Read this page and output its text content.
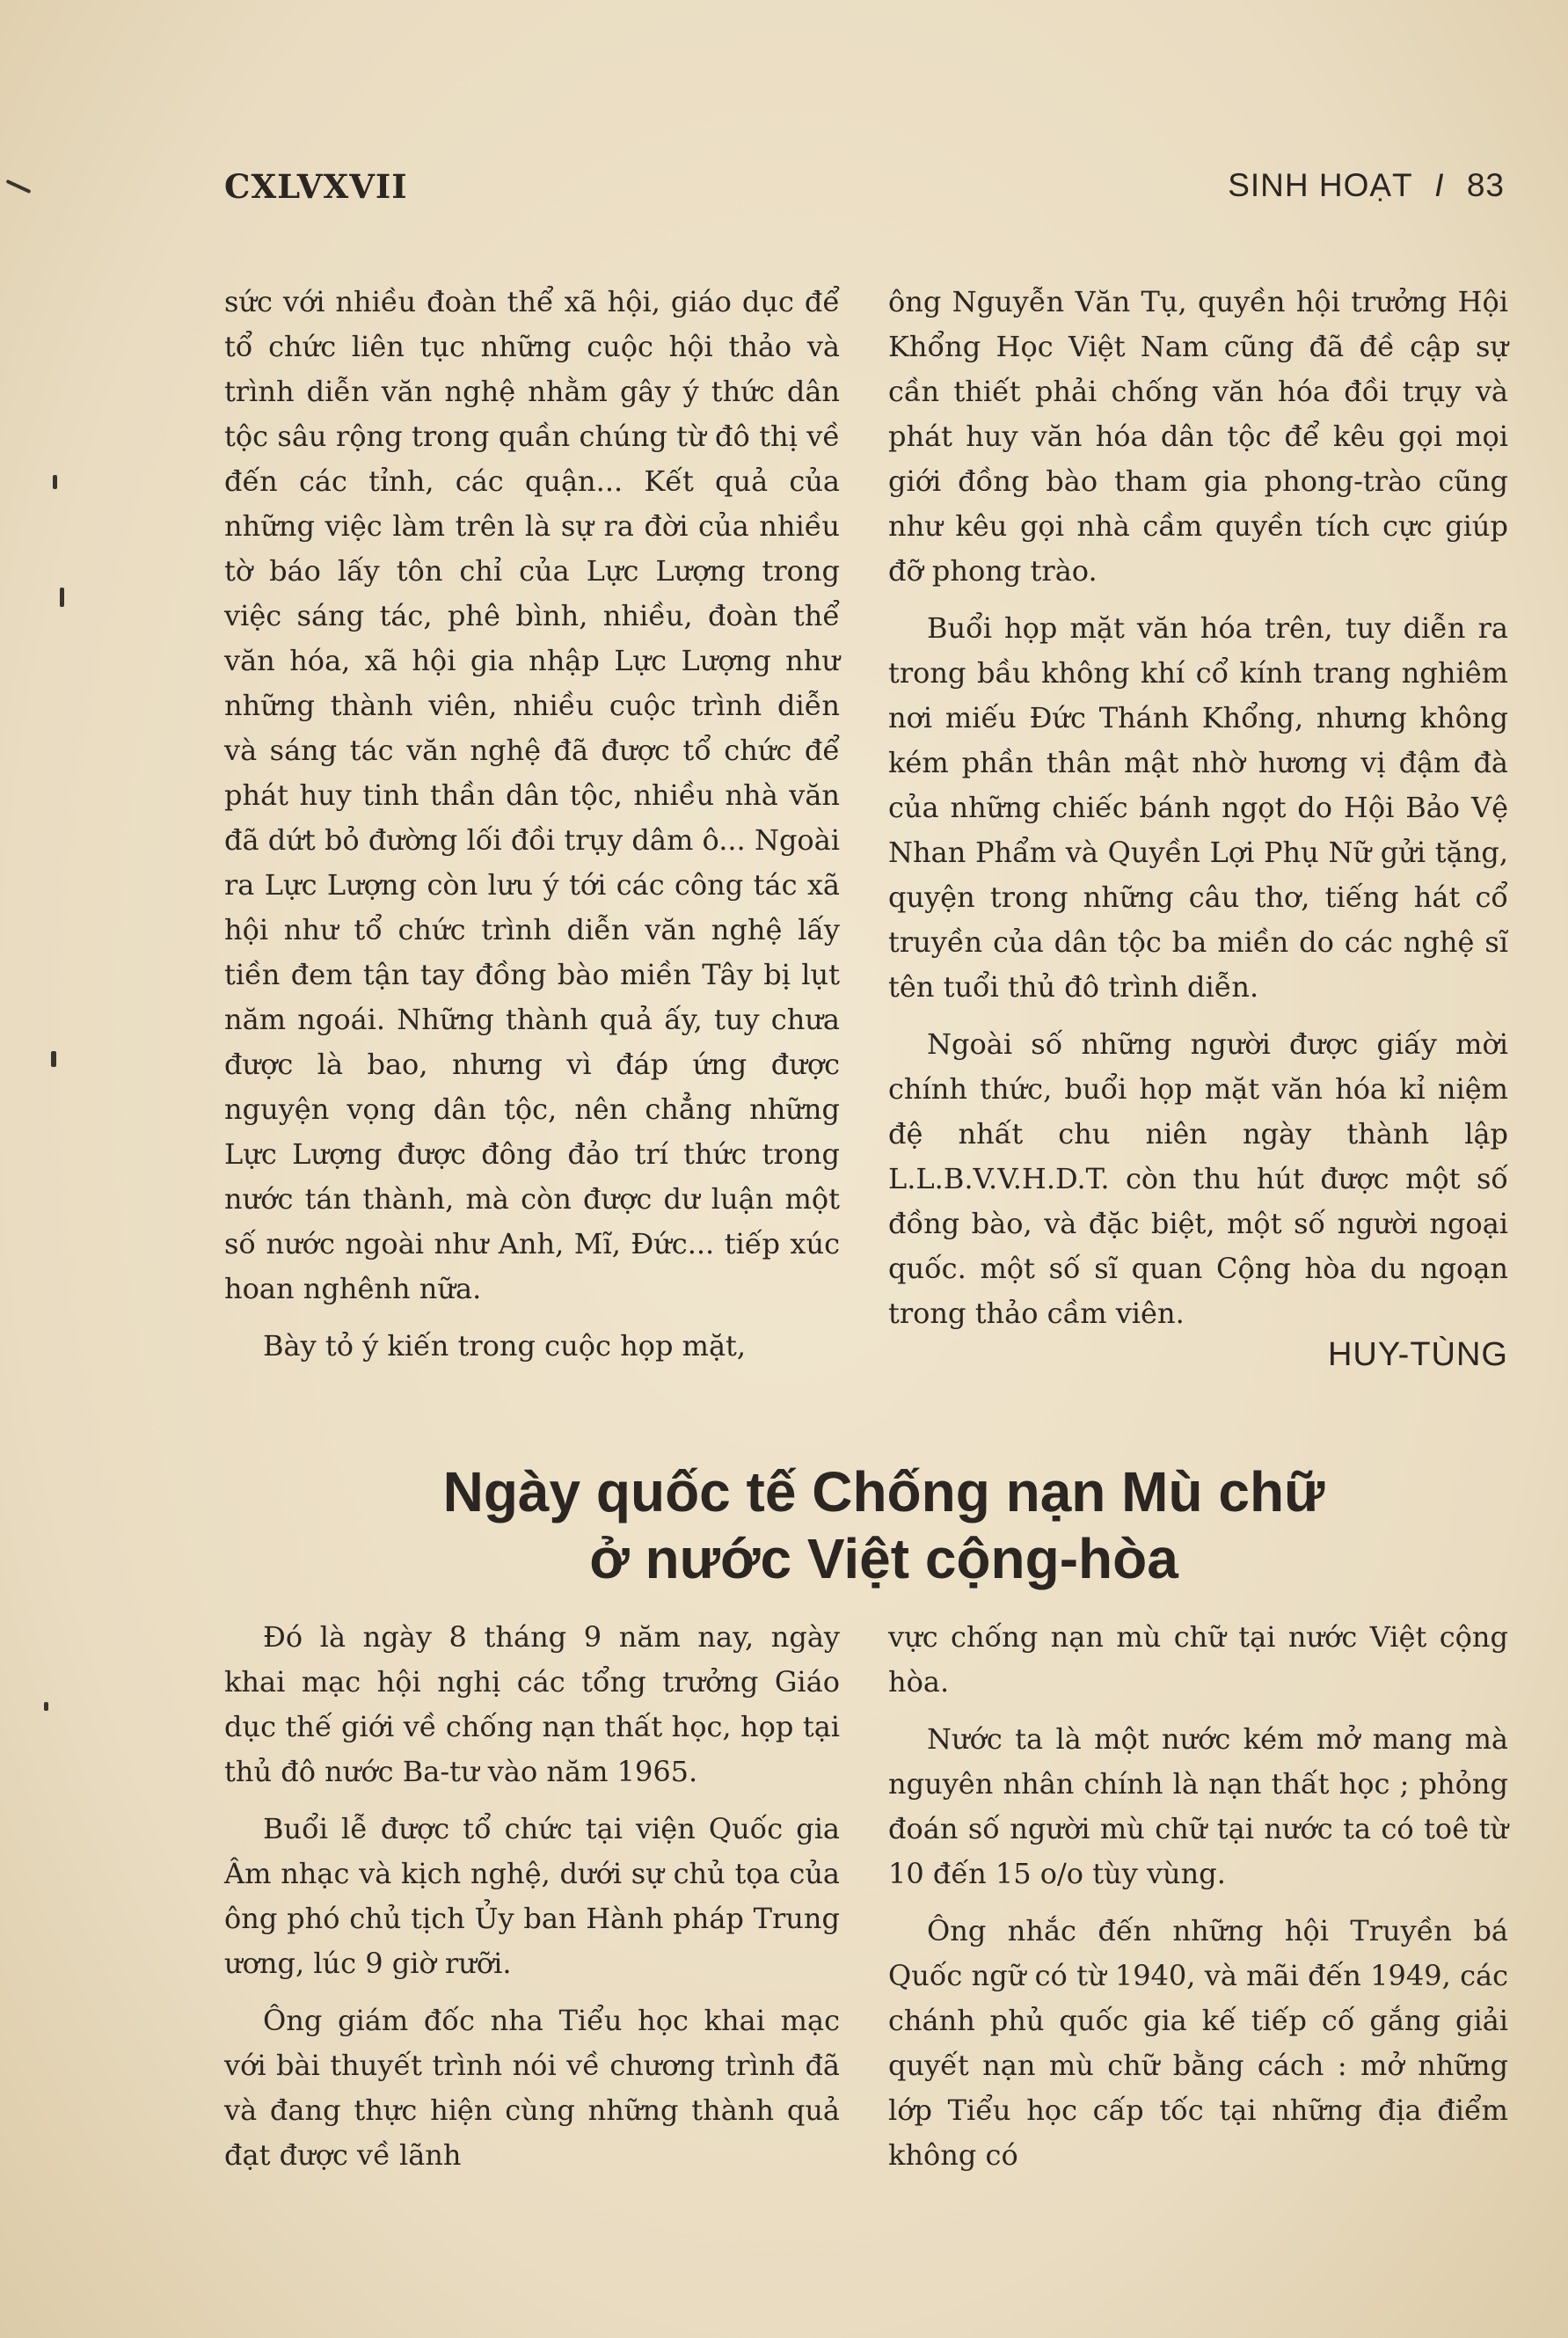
CXLVXVII	SINH HOẠT I 83

sức với nhiều đoàn thể xã hội, giáo dục để tổ chức liên tục những cuộc hội thảo và trình diễn văn nghệ nhằm gây ý thức dân tộc sâu rộng trong quần chúng từ đô thị về đến các tỉnh, các quận... Kết quả của những việc làm trên là sự ra đời của nhiều tờ báo lấy tôn chỉ của Lực Lượng trong việc sáng tác, phê bình, nhiều, đoàn thể văn hóa, xã hội gia nhập Lực Lượng như những thành viên, nhiều cuộc trình diễn và sáng tác văn nghệ đã được tổ chức để phát huy tinh thần dân tộc, nhiều nhà văn đã dứt bỏ đường lối đồi trụy dâm ô... Ngoài ra Lực Lượng còn lưu ý tới các công tác xã hội như tổ chức trình diễn văn nghệ lấy tiền đem tận tay đồng bào miền Tây bị lụt năm ngoái. Những thành quả ấy, tuy chưa được là bao, nhưng vì đáp ứng được nguyện vọng dân tộc, nên chẳng những Lực Lượng được đông đảo trí thức trong nước tán thành, mà còn được dư luận một số nước ngoài như Anh, Mĩ, Đức... tiếp xúc hoan nghênh nữa.

Bày tỏ ý kiến trong cuộc họp mặt,

ông Nguyễn Văn Tụ, quyền hội trưởng Hội Khổng Học Việt Nam cũng đã đề cập sự cần thiết phải chống văn hóa đồi trụy và phát huy văn hóa dân tộc để kêu gọi mọi giới đồng bào tham gia phong-trào cũng như kêu gọi nhà cầm quyền tích cực giúp đỡ phong trào.

Buổi họp mặt văn hóa trên, tuy diễn ra trong bầu không khí cổ kính trang nghiêm nơi miếu Đức Thánh Khổng, nhưng không kém phần thân mật nhờ hương vị đậm đà của những chiếc bánh ngọt do Hội Bảo Vệ Nhan Phẩm và Quyền Lợi Phụ Nữ gửi tặng, quyện trong những câu thơ, tiếng hát cổ truyền của dân tộc ba miền do các nghệ sĩ tên tuổi thủ đô trình diễn.

Ngoài số những người được giấy mời chính thức, buổi họp mặt văn hóa kỉ niệm đệ nhất chu niên ngày thành lập L.L.B.V.V.H.D.T. còn thu hút được một số đồng bào, và đặc biệt, một số người ngoại quốc. một số sĩ quan Cộng hòa du ngoạn trong thảo cầm viên.

HUY-TÙNG
Ngày quốc tế Chống nạn Mù chữ
ở nước Việt cộng-hòa

Đó là ngày 8 tháng 9 năm nay, ngày khai mạc hội nghị các tổng trưởng Giáo dục thế giới về chống nạn thất học, họp tại thủ đô nước Ba-tư vào năm 1965.

Buổi lễ được tổ chức tại viện Quốc gia Âm nhạc và kịch nghệ, dưới sự chủ tọa của ông phó chủ tịch Ủy ban Hành pháp Trung ương, lúc 9 giờ rưỡi.

Ông giám đốc nha Tiểu học khai mạc với bài thuyết trình nói về chương trình đã và đang thực hiện cùng những thành quả đạt được về lãnh

vực chống nạn mù chữ tại nước Việt cộng hòa.

Nước ta là một nước kém mở mang mà nguyên nhân chính là nạn thất học ; phỏng đoán số người mù chữ tại nước ta có toê từ 10 đến 15 o/o tùy vùng.

Ông nhắc đến những hội Truyền bá Quốc ngữ có từ 1940, và mãi đến 1949, các chánh phủ quốc gia kế tiếp cố gắng giải quyết nạn mù chữ bằng cách : mở những lớp Tiểu học cấp tốc tại những địa điểm không có
